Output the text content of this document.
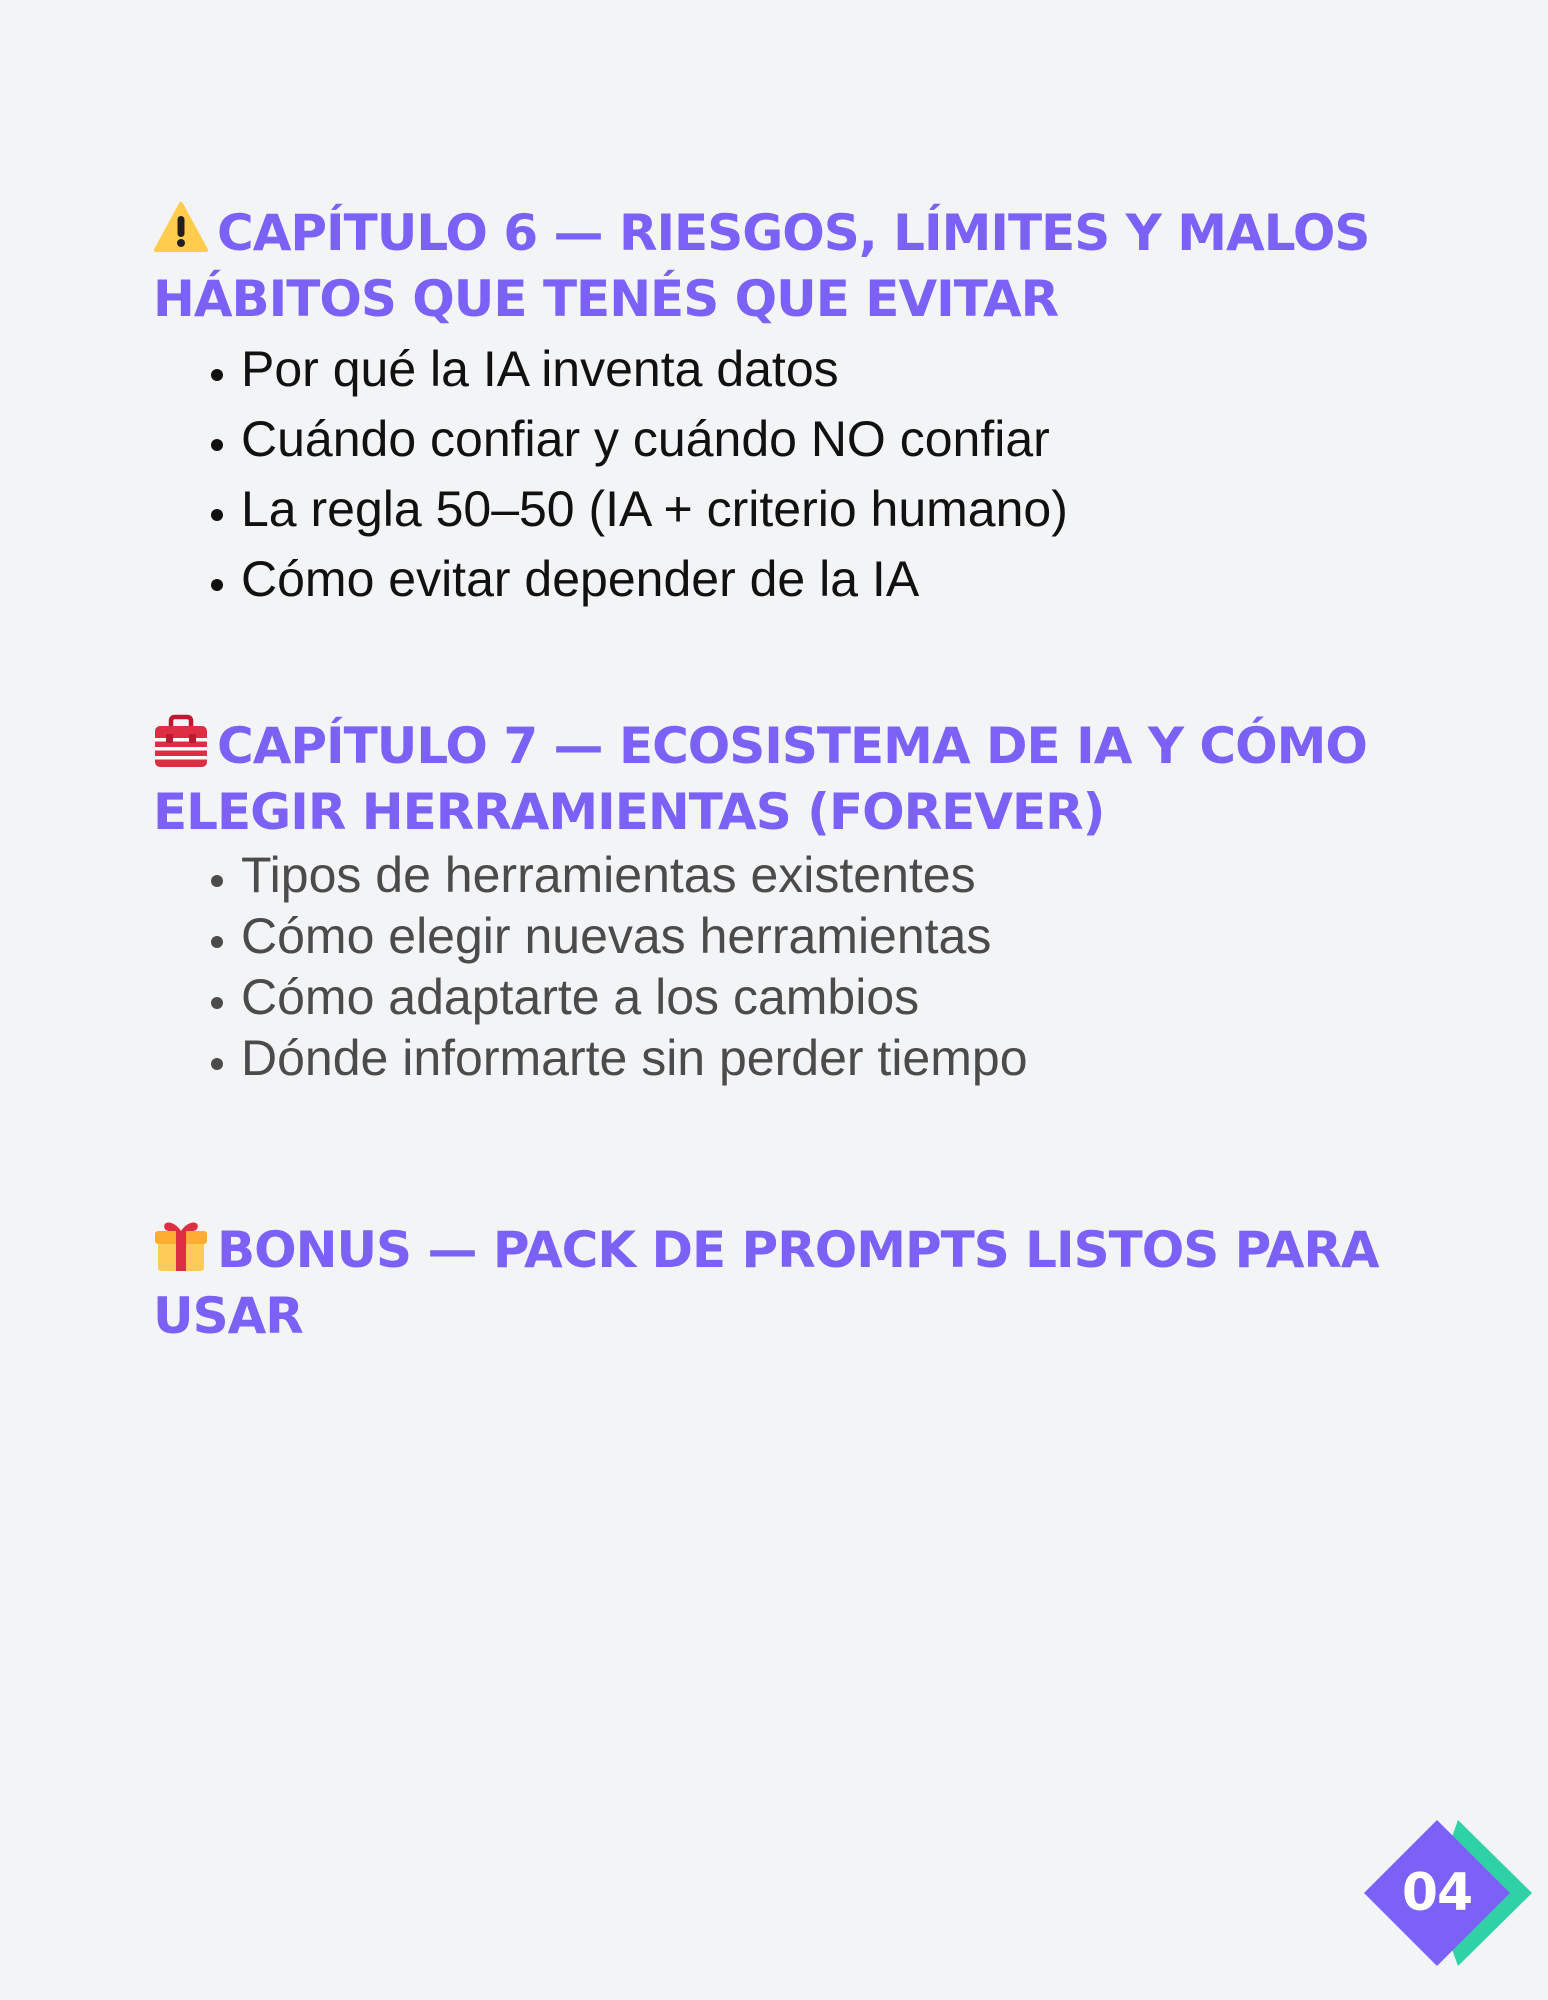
CAPÍTULO 6 — RIESGOS, LÍMITES Y MALOS HÁBITOS QUE TENÉS QUE EVITAR
• Por qué la IA inventa datos
• Cuándo confiar y cuándo NO confiar
• La regla 50–50 (IA + criterio humano)
• Cómo evitar depender de la IA
CAPÍTULO 7 — ECOSISTEMA DE IA Y CÓMO ELEGIR HERRAMIENTAS (FOREVER)
• Tipos de herramientas existentes
• Cómo elegir nuevas herramientas
• Cómo adaptarte a los cambios
• Dónde informarte sin perder tiempo
BONUS — PACK DE PROMPTS LISTOS PARA USAR
04
